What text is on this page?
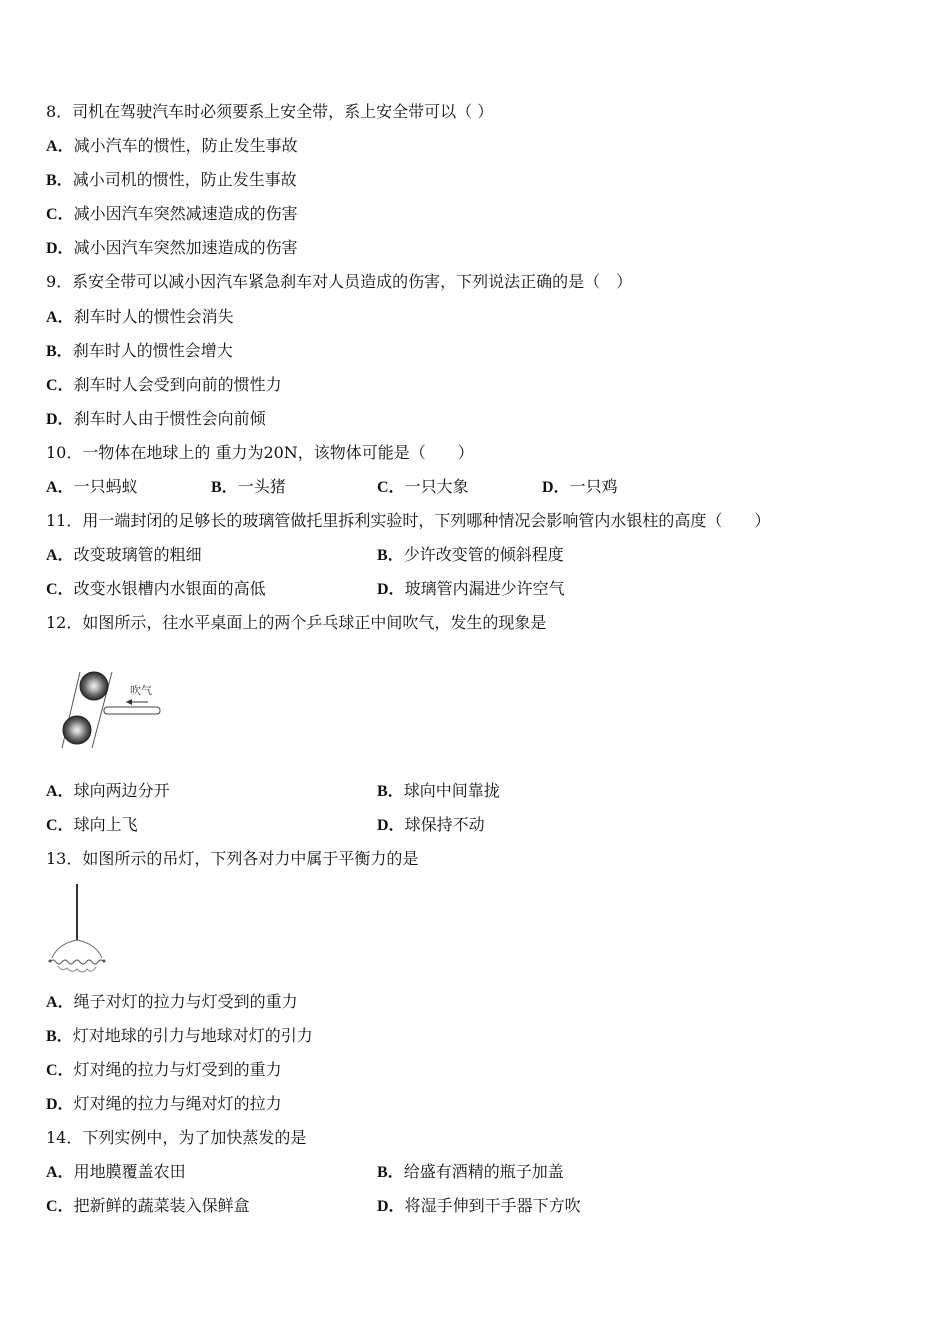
8．司机在驾驶汽车时必须要系上安全带，系上安全带可以（ ）
A．减小汽车的惯性，防止发生事故
B．减小司机的惯性，防止发生事故
C．减小因汽车突然减速造成的伤害
D．减小因汽车突然加速造成的伤害
9．系安全带可以减小因汽车紧急刹车对人员造成的伤害，下列说法正确的是（　）
A．刹车时人的惯性会消失
B．刹车时人的惯性会增大
C．刹车时人会受到向前的惯性力
D．刹车时人由于惯性会向前倾
10．一物体在地球上的 重力为20N，该物体可能是（　　）
A．一只蚂蚁	B．一头猪	C．一只大象	D．一只鸡
11．用一端封闭的足够长的玻璃管做托里拆利实验时，下列哪种情况会影响管内水银柱的高度（　　）
A．改变玻璃管的粗细	B．少许改变管的倾斜程度
C．改变水银槽内水银面的高低	D．玻璃管内漏进少许空气
12．如图所示，往水平桌面上的两个乒乓球正中间吹气，发生的现象是
吹气
A．球向两边分开	B．球向中间靠拢
C．球向上飞	D．球保持不动
13．如图所示的吊灯，下列各对力中属于平衡力的是
A．绳子对灯的拉力与灯受到的重力
B．灯对地球的引力与地球对灯的引力
C．灯对绳的拉力与灯受到的重力
D．灯对绳的拉力与绳对灯的拉力
14．下列实例中，为了加快蒸发的是
A．用地膜覆盖农田	B．给盛有酒精的瓶子加盖
C．把新鲜的蔬菜装入保鲜盒	D．将湿手伸到干手器下方吹
